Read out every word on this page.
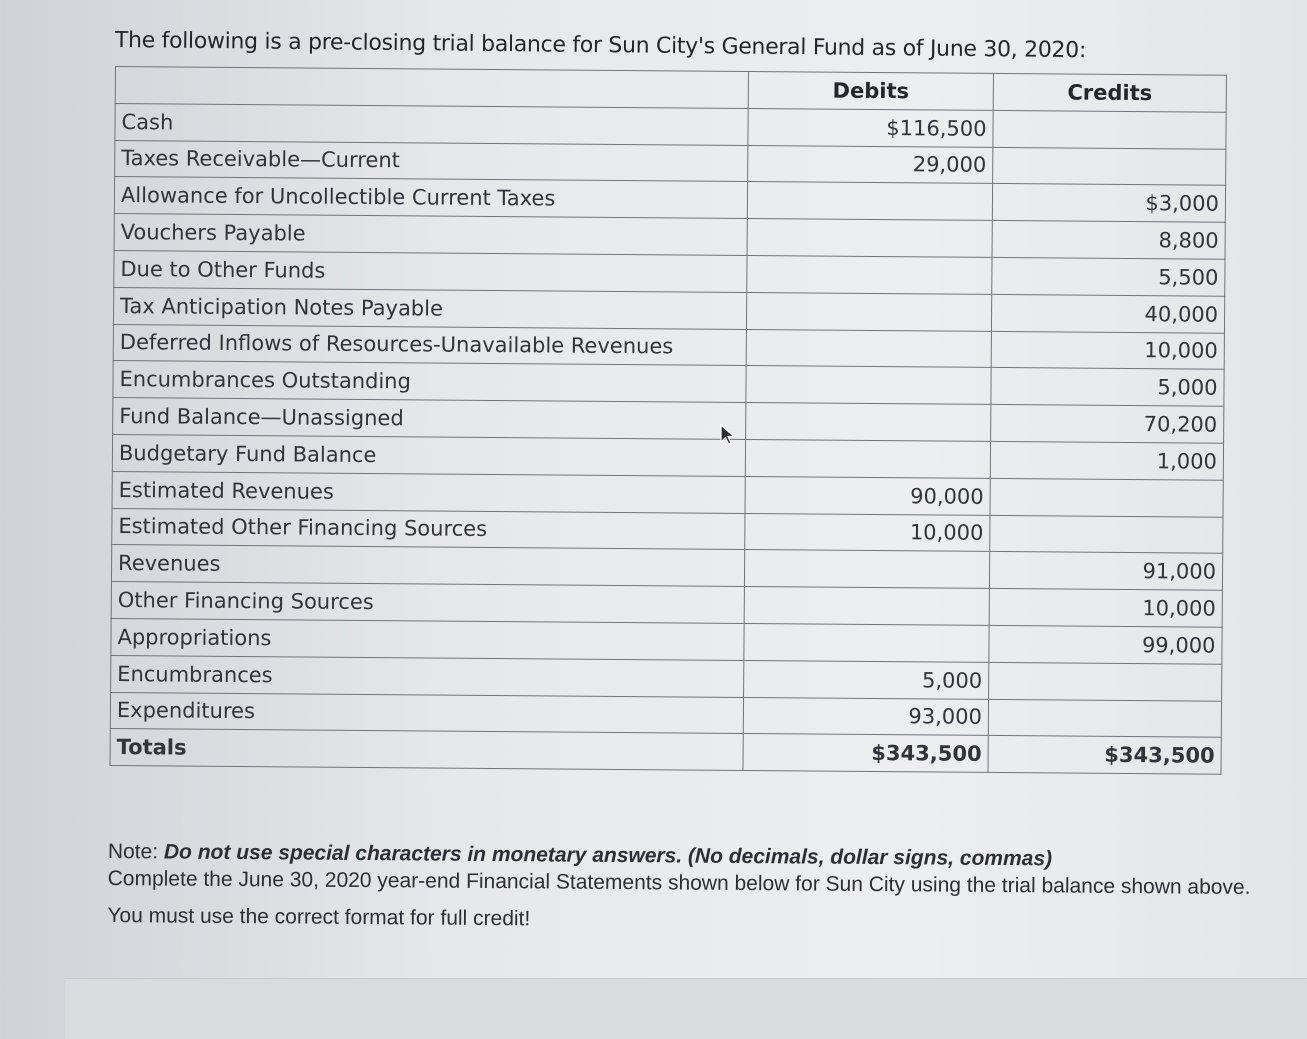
The following is a pre-closing trial balance for Sun City's General Fund as of June 30, 2020:
	Debits	Credits
Cash	$116,500	
Taxes Receivable—Current	29,000	
Allowance for Uncollectible Current Taxes		$3,000
Vouchers Payable		8,800
Due to Other Funds		5,500
Tax Anticipation Notes Payable		40,000
Deferred Inflows of Resources-Unavailable Revenues		10,000
Encumbrances Outstanding		5,000
Fund Balance—Unassigned		70,200
Budgetary Fund Balance		1,000
Estimated Revenues	90,000	
Estimated Other Financing Sources	10,000	
Revenues		91,000
Other Financing Sources		10,000
Appropriations		99,000
Encumbrances	5,000	
Expenditures	93,000	
Totals	$343,500	$343,500

Note: Do not use special characters in monetary answers. (No decimals, dollar signs, commas)

Complete the June 30, 2020 year-end Financial Statements shown below for Sun City using the trial balance shown above.

You must use the correct format for full credit!
